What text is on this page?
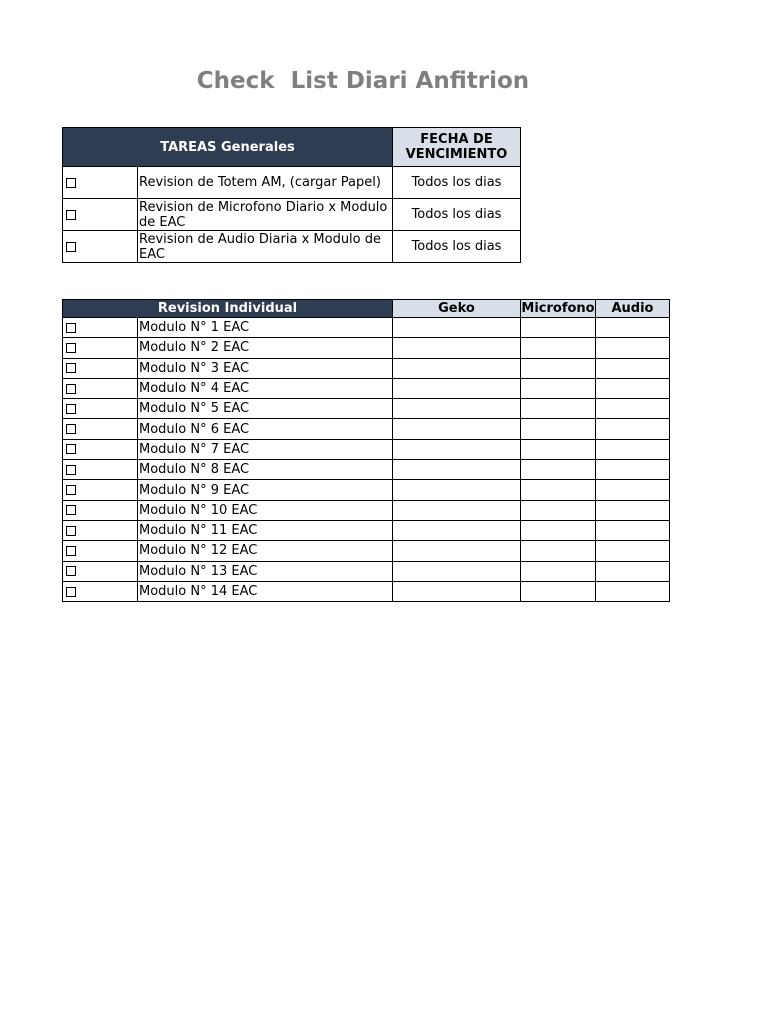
Check  List Diari Anfitrion
TAREAS Generales		FECHA DE
VENCIMIENTO
	Revision de Totem AM, (cargar Papel)	Todos los dias
	Revision de Microfono Diario x Modulo de EAC	Todos los dias
	Revision de Audio Diaria x Modulo de EAC	Todos los dias
Revision Individual		Geko	Microfono	Audio
	Modulo N° 1 EAC			
	Modulo N° 2 EAC			
	Modulo N° 3 EAC			
	Modulo N° 4 EAC			
	Modulo N° 5 EAC			
	Modulo N° 6 EAC			
	Modulo N° 7 EAC			
	Modulo N° 8 EAC			
	Modulo N° 9 EAC			
	Modulo N° 10 EAC			
	Modulo N° 11 EAC			
	Modulo N° 12 EAC			
	Modulo N° 13 EAC			
	Modulo N° 14 EAC			
